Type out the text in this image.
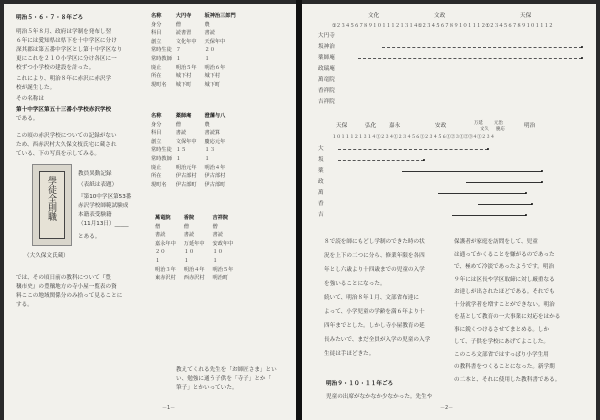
明治５・６・７・８年ごろ
明治５年８月、政府は学制を発布し翌
６年には愛知県は県下を十中学区に分け
深其郡は第五番中学区とし第十中学区なり
更にこれを２１０小学区に分け各区に一
校ずつ小学校の建設を計った。
これにより、明治８年に赤沢に赤沢学
校が誕生した。
その名称は
第十中学区第五十三番小学校赤沢学校
である。
この頃の赤沢学校についての記録がない
ため、西赤沢村大久保文枝氏宅に蔵され
ている、下の写真を示してみる。
學徒全則職
教員異動記録
（表紙は表題）
『第10中学区第53番
赤沢学校師範試験成
本籍表受験籍
（11月13日）_____
とある。
（大久保文氏蔵）
では、その頃日前の教科について『豊
穣市史』の豊穣地方の寺小屋一覧表の資
料ここの地域関係分のみ拾って見ることに
する。
名称	大円寺		坂神治三郎門
身分	僧		農
科目	読書習		書読
創立	文化年中		天保年中
常時生徒	７		２０
常時教師	１		１
廃止	明治５年		明治６年
所在	城下村		城下村
現町名	城下町		城下町
名称	薬師庵		澄藩与八
身分	僧		農
科目	書読		書読算
創立	文保年中		慶応元年
常時生徒	１５		１３
常時教師	１		１
廃止	明治元年		明治４年
所在	伊古部村		伊古部村
現町名	伊古部町		伊古部町
	萬竜院		香院		吉祥院
	僧		僧		僧
	書読		書読		書読
	嘉永年中		万延年中		安政年中
	２０		１０		１０
	１		１		１
	明治３年		明治４年		明治５年
	東赤沢村		西赤沢村		明治町
教えてくれる先生を「お師匠さま」とい
い、勉強に通う子供を「寺子」とか「
筆子」とかいっていた。
－1－
文化	文政	天保
①２３４５６７８９１０１１１２１３１４①２３４５６７８９１０１１１２①２３４５６７８９１０１１１２
大円寺
坂神治
薬師庵
政瑞庵
萬竜院
香祥院
吉祥院
天保	弘化 嘉永	安政	万延
文久
元治
慶応
明治
１０１１１２１３１４①２３４①２３４５６①２３４５６①②３①②③４①２３４
大
坂
薬
政
萬
香
吉
８で読を師にもどし学制のできた時の状
況を上下の二つに分ら、修業年限を各四
年とし六歳より十四歳までの児童の入学
を強いることになった。
続いて、明治８年１月、文部省布達に
よって、小学児童の学齢を満６年より十
四年までとした。しかし寺小屋教育の延
長みたいで、まだ全員が入学の児童の入学
生徒は手ほどきた。
明治９・１０・１１年ごろ
児童の出席がなかなか少なかった。先生や
保護者が家庭を訪問をして、児童
は通ってかくることを嫌がるのであった
で、極めて冷淡であったようです。明治
９年には区長や学区取締に対し厳重なる
お達しが出されたほどである。それでも
十分就学者を増すことができない。明治
を基として教育の一大事業に対応をはかる
事に鋭くつけるさせてまとめる。しか
して、子供を学校にあげてよこした。
このころ文部省ではすっぱり小学生用
の教科書をつくることになった。新学期
の二本と、それに使用した教科書である。
－2－
